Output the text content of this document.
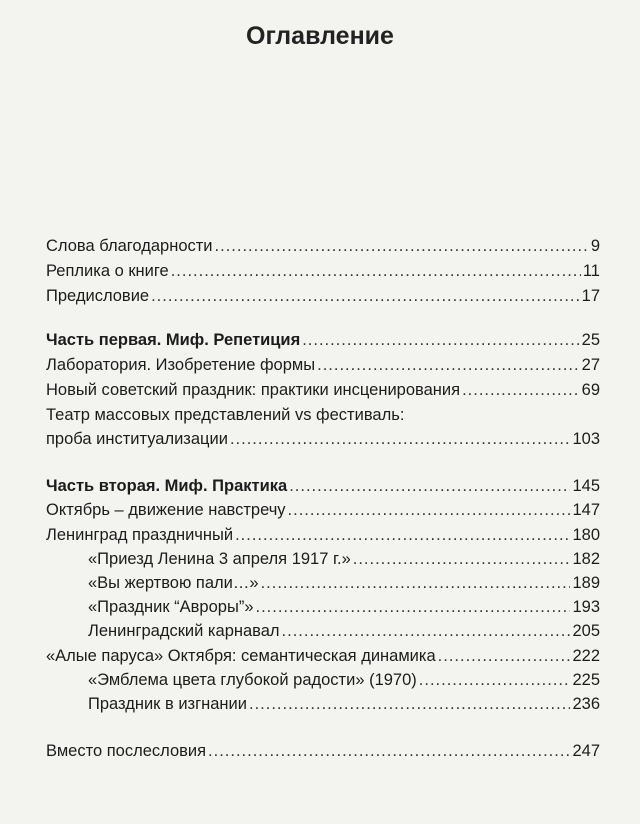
Оглавление
Слова благодарности .....	9
Реплика о книге .....	11
Предисловие .....	17
Часть первая. Миф. Репетиция .....	25
Лаборатория. Изобретение формы .....	27
Новый советский праздник: практики инсценирования .....	69
Театр массовых представлений vs фестиваль:
проба институализации .....	103
Часть вторая. Миф. Практика .....	145
Октябрь – движение навстречу .....	147
Ленинград праздничный .....	180
«Приезд Ленина 3 апреля 1917 г.» .....	182
«Вы жертвою пали…» .....	189
«Праздник “Авроры”» .....	193
Ленинградский карнавал .....	205
«Алые паруса» Октября: семантическая динамика .....	222
«Эмблема цвета глубокой радости» (1970) .....	225
Праздник в изгнании .....	236
Вместо послесловия .....	247
